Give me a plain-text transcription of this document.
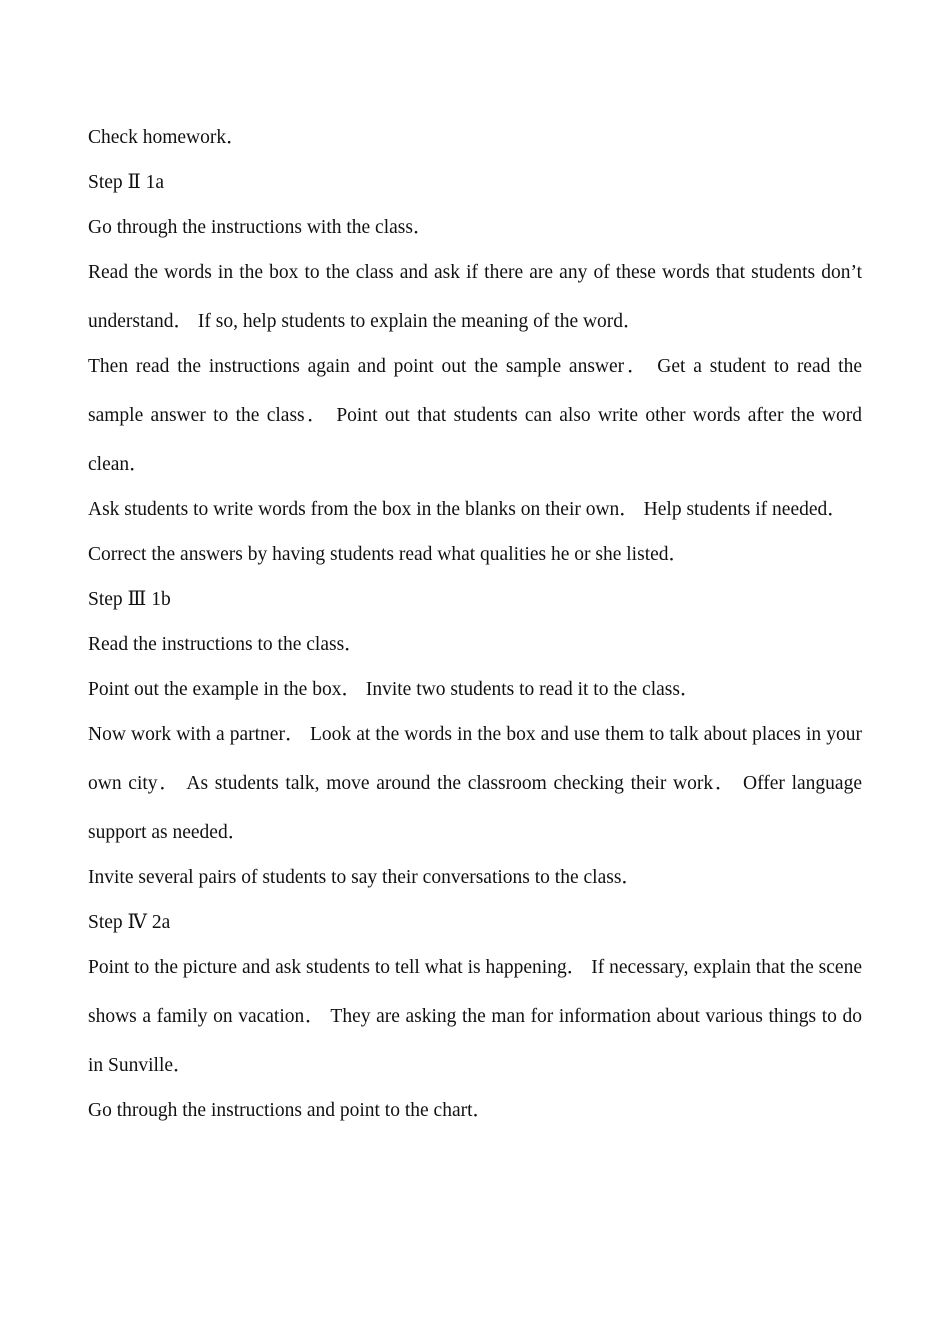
Check homework．

Step Ⅱ 1a

Go through the instructions with the class．

Read the words in the box to the class and ask if there are any of these words that students don’t understand． If so, help students to explain the meaning of the word．

Then read the instructions again and point out the sample answer． Get a student to read the sample answer to the class． Point out that students can also write other words after the word clean．

Ask students to write words from the box in the blanks on their own． Help students if needed．

Correct the answers by having students read what qualities he or she listed．

Step Ⅲ 1b

Read the instructions to the class．

Point out the example in the box． Invite two students to read it to the class．

Now work with a partner． Look at the words in the box and use them to talk about places in your own city． As students talk, move around the classroom checking their work． Offer language support as needed．

Invite several pairs of students to say their conversations to the class．

Step Ⅳ 2a

Point to the picture and ask students to tell what is happening． If necessary, explain that the scene shows a family on vacation． They are asking the man for information about various things to do in Sunville．

Go through the instructions and point to the chart．
